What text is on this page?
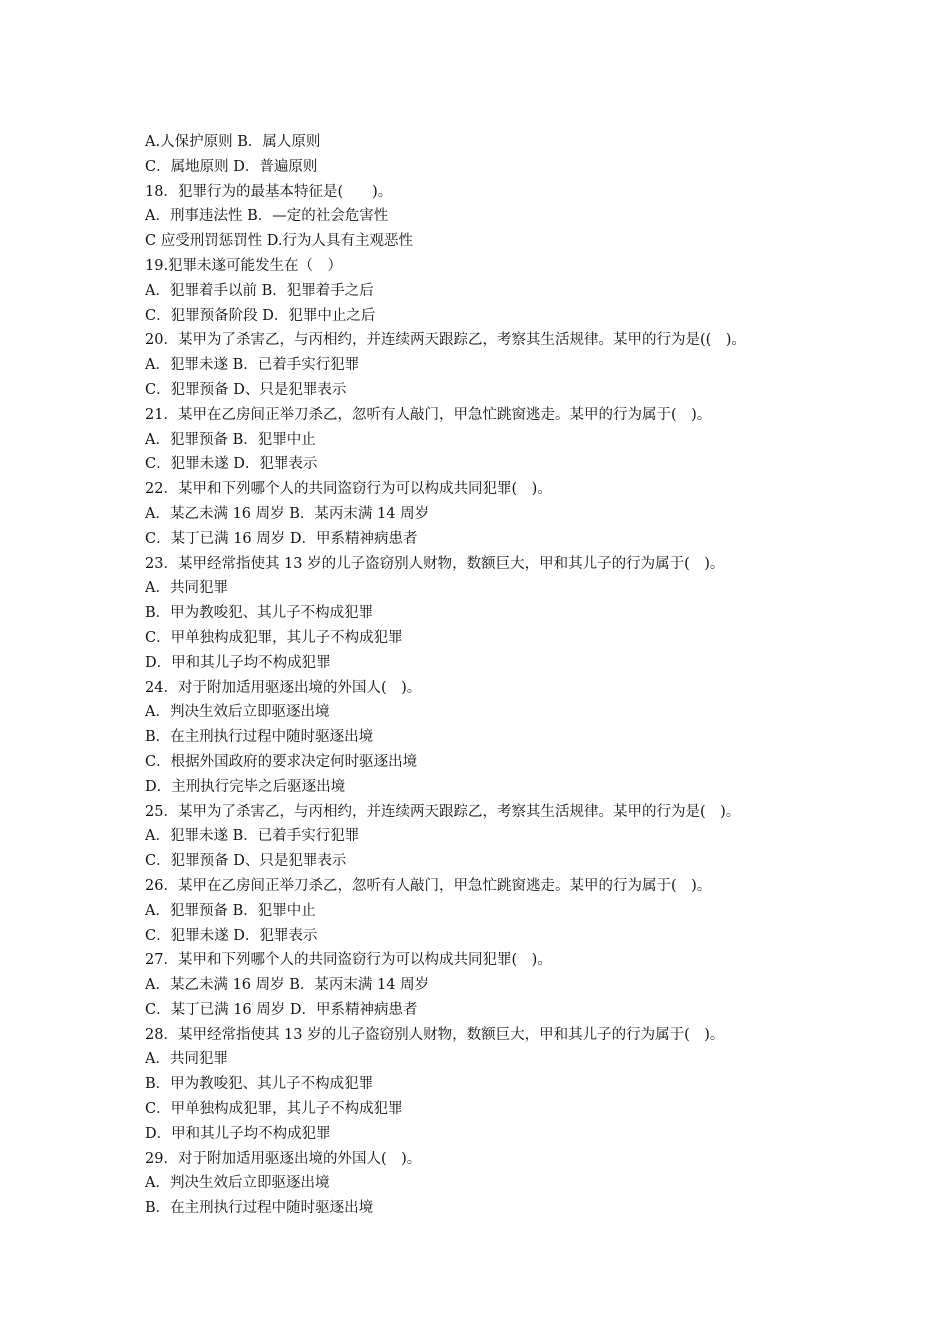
A.人保护原则 B．属人原则
C．属地原则 D．普遍原则
18．犯罪行为的最基本特征是(　　)。
A．刑事违法性 B．—定的社会危害性
C 应受刑罚惩罚性 D.行为人具有主观恶性
19.犯罪未遂可能发生在（　）
A．犯罪着手以前 B．犯罪着手之后
C．犯罪预备阶段 D．犯罪中止之后
20．某甲为了杀害乙，与丙相约，并连续两天跟踪乙，考察其生活规律。某甲的行为是((　)。
A．犯罪未遂 B．已着手实行犯罪
C．犯罪预备 D、只是犯罪表示
21．某甲在乙房间正举刀杀乙，忽听有人敲门，甲急忙跳窗逃走。某甲的行为属于(　)。
A．犯罪预备 B．犯罪中止
C．犯罪未遂 D．犯罪表示
22．某甲和下列哪个人的共同盗窃行为可以构成共同犯罪(　)。
A．某乙未满 16 周岁 B．某丙末满 14 周岁
C．某丁已满 16 周岁 D．甲系精神病患者
23．某甲经常指使其 13 岁的儿子盗窃别人财物，数额巨大，甲和其儿子的行为属于(　)。
A．共同犯罪
B．甲为教唆犯、其儿子不构成犯罪
C．甲单独构成犯罪，其儿子不构成犯罪
D．甲和其儿子均不构成犯罪
24．对于附加适用驱逐出境的外国人(　)。
A．判决生效后立即驱逐出境
B．在主刑执行过程中随时驱逐出境
C．根据外国政府的要求决定何时驱逐出境
D．主刑执行完毕之后驱逐出境
25．某甲为了杀害乙，与丙相约，并连续两天跟踪乙，考察其生活规律。某甲的行为是(　)。
A．犯罪未遂 B．已着手实行犯罪
C．犯罪预备 D、只是犯罪表示
26．某甲在乙房间正举刀杀乙，忽听有人敲门，甲急忙跳窗逃走。某甲的行为属于(　)。
A．犯罪预备 B．犯罪中止
C．犯罪未遂 D．犯罪表示
27．某甲和下列哪个人的共同盗窃行为可以构成共同犯罪(　)。
A．某乙未满 16 周岁 B．某丙末满 14 周岁
C．某丁已满 16 周岁 D．甲系精神病患者
28．某甲经常指使其 13 岁的儿子盗窃别人财物，数额巨大，甲和其儿子的行为属于(　)。
A．共同犯罪
B．甲为教唆犯、其儿子不构成犯罪
C．甲单独构成犯罪，其儿子不构成犯罪
D．甲和其儿子均不构成犯罪
29．对于附加适用驱逐出境的外国人(　)。
A．判决生效后立即驱逐出境
B．在主刑执行过程中随时驱逐出境
